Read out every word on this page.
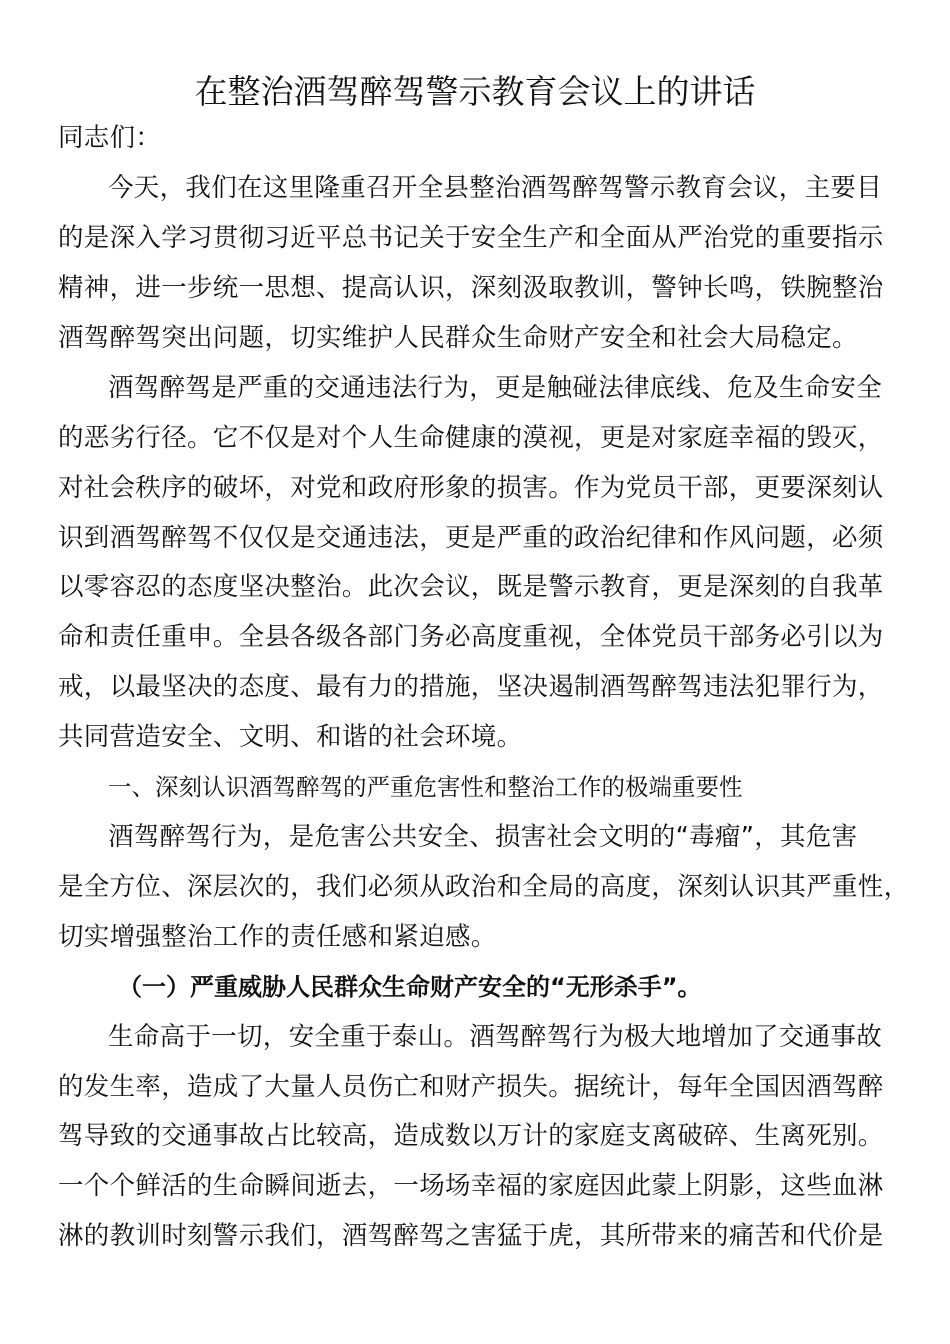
在整治酒驾醉驾警示教育会议上的讲话
同志们：
今天，我们在这里隆重召开全县整治酒驾醉驾警示教育会议，主要目
的是深入学习贯彻习近平总书记关于安全生产和全面从严治党的重要指示
精神，进一步统一思想、提高认识，深刻汲取教训，警钟长鸣，铁腕整治
酒驾醉驾突出问题，切实维护人民群众生命财产安全和社会大局稳定。
酒驾醉驾是严重的交通违法行为，更是触碰法律底线、危及生命安全
的恶劣行径。它不仅是对个人生命健康的漠视，更是对家庭幸福的毁灭，
对社会秩序的破坏，对党和政府形象的损害。作为党员干部，更要深刻认
识到酒驾醉驾不仅仅是交通违法，更是严重的政治纪律和作风问题，必须
以零容忍的态度坚决整治。此次会议，既是警示教育，更是深刻的自我革
命和责任重申。全县各级各部门务必高度重视，全体党员干部务必引以为
戒，以最坚决的态度、最有力的措施，坚决遏制酒驾醉驾违法犯罪行为，
共同营造安全、文明、和谐的社会环境。
一、深刻认识酒驾醉驾的严重危害性和整治工作的极端重要性
酒驾醉驾行为，是危害公共安全、损害社会文明的“毒瘤”，其危害
是全方位、深层次的，我们必须从政治和全局的高度，深刻认识其严重性，
切实增强整治工作的责任感和紧迫感。
（一）严重威胁人民群众生命财产安全的“无形杀手”。
生命高于一切，安全重于泰山。酒驾醉驾行为极大地增加了交通事故
的发生率，造成了大量人员伤亡和财产损失。据统计，每年全国因酒驾醉
驾导致的交通事故占比较高，造成数以万计的家庭支离破碎、生离死别。
一个个鲜活的生命瞬间逝去，一场场幸福的家庭因此蒙上阴影，这些血淋
淋的教训时刻警示我们，酒驾醉驾之害猛于虎，其所带来的痛苦和代价是
